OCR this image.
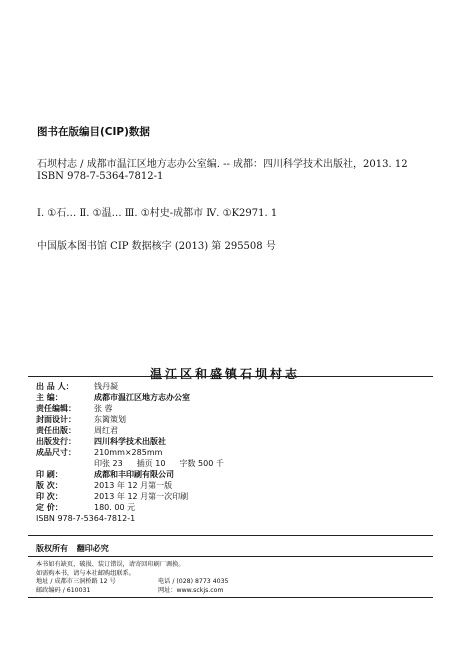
图书在版编目(CIP)数据
石坝村志 / 成都市温江区地方志办公室编. -- 成都：四川科学技术出版社，2013. 12
ISBN 978-7-5364-7812-1
Ⅰ. ①石… Ⅱ. ①温… Ⅲ. ①村史-成都市 Ⅳ. ①K2971. 1
中国版本图书馆 CIP 数据核字 (2013) 第 295508 号
温江区和盛镇石坝村志
出 品 人：	钱丹凝
主 编：	成都市温江区地方志办公室
责任编辑：	张 蓉
封面设计：	东篱策划
责任出版：	周红君
出版发行：	四川科学技术出版社
成品尺寸：	210mm×285mm
印张 23 插页 10 字数 500 千
印 刷：	成都和丰印刷有限公司
版 次：	2013 年 12 月第一版
印 次：	2013 年 12 月第一次印刷
定 价：	180. 00 元
ISBN 978-7-5364-7812-1
版权所有 翻印必究
本书如有缺页、破损、装订错误，请寄回印刷厂调换。
如需购本书，请与本社邮购组联系。
地址 / 成都市三洞桥路 12 号	电话 / (028) 8773 4035
邮政编码 / 610031	网址：www.sckjs.com
